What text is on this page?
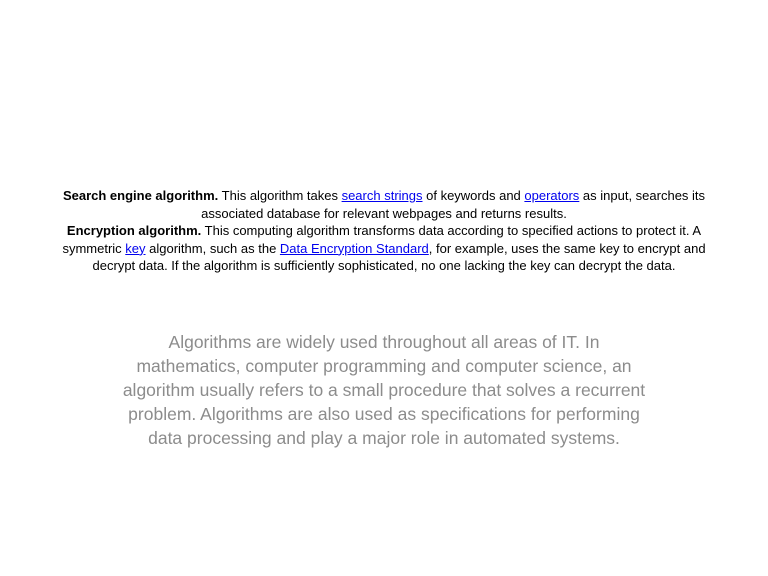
Search engine algorithm. This algorithm takes search strings of keywords and operators as input, searches its associated database for relevant webpages and returns results.

Encryption algorithm. This computing algorithm transforms data according to specified actions to protect it. A symmetric key algorithm, such as the Data Encryption Standard, for example, uses the same key to encrypt and decrypt data. If the algorithm is sufficiently sophisticated, no one lacking the key can decrypt the data.

Algorithms are widely used throughout all areas of IT. In mathematics, computer programming and computer science, an algorithm usually refers to a small procedure that solves a recurrent problem. Algorithms are also used as specifications for performing data processing and play a major role in automated systems.
